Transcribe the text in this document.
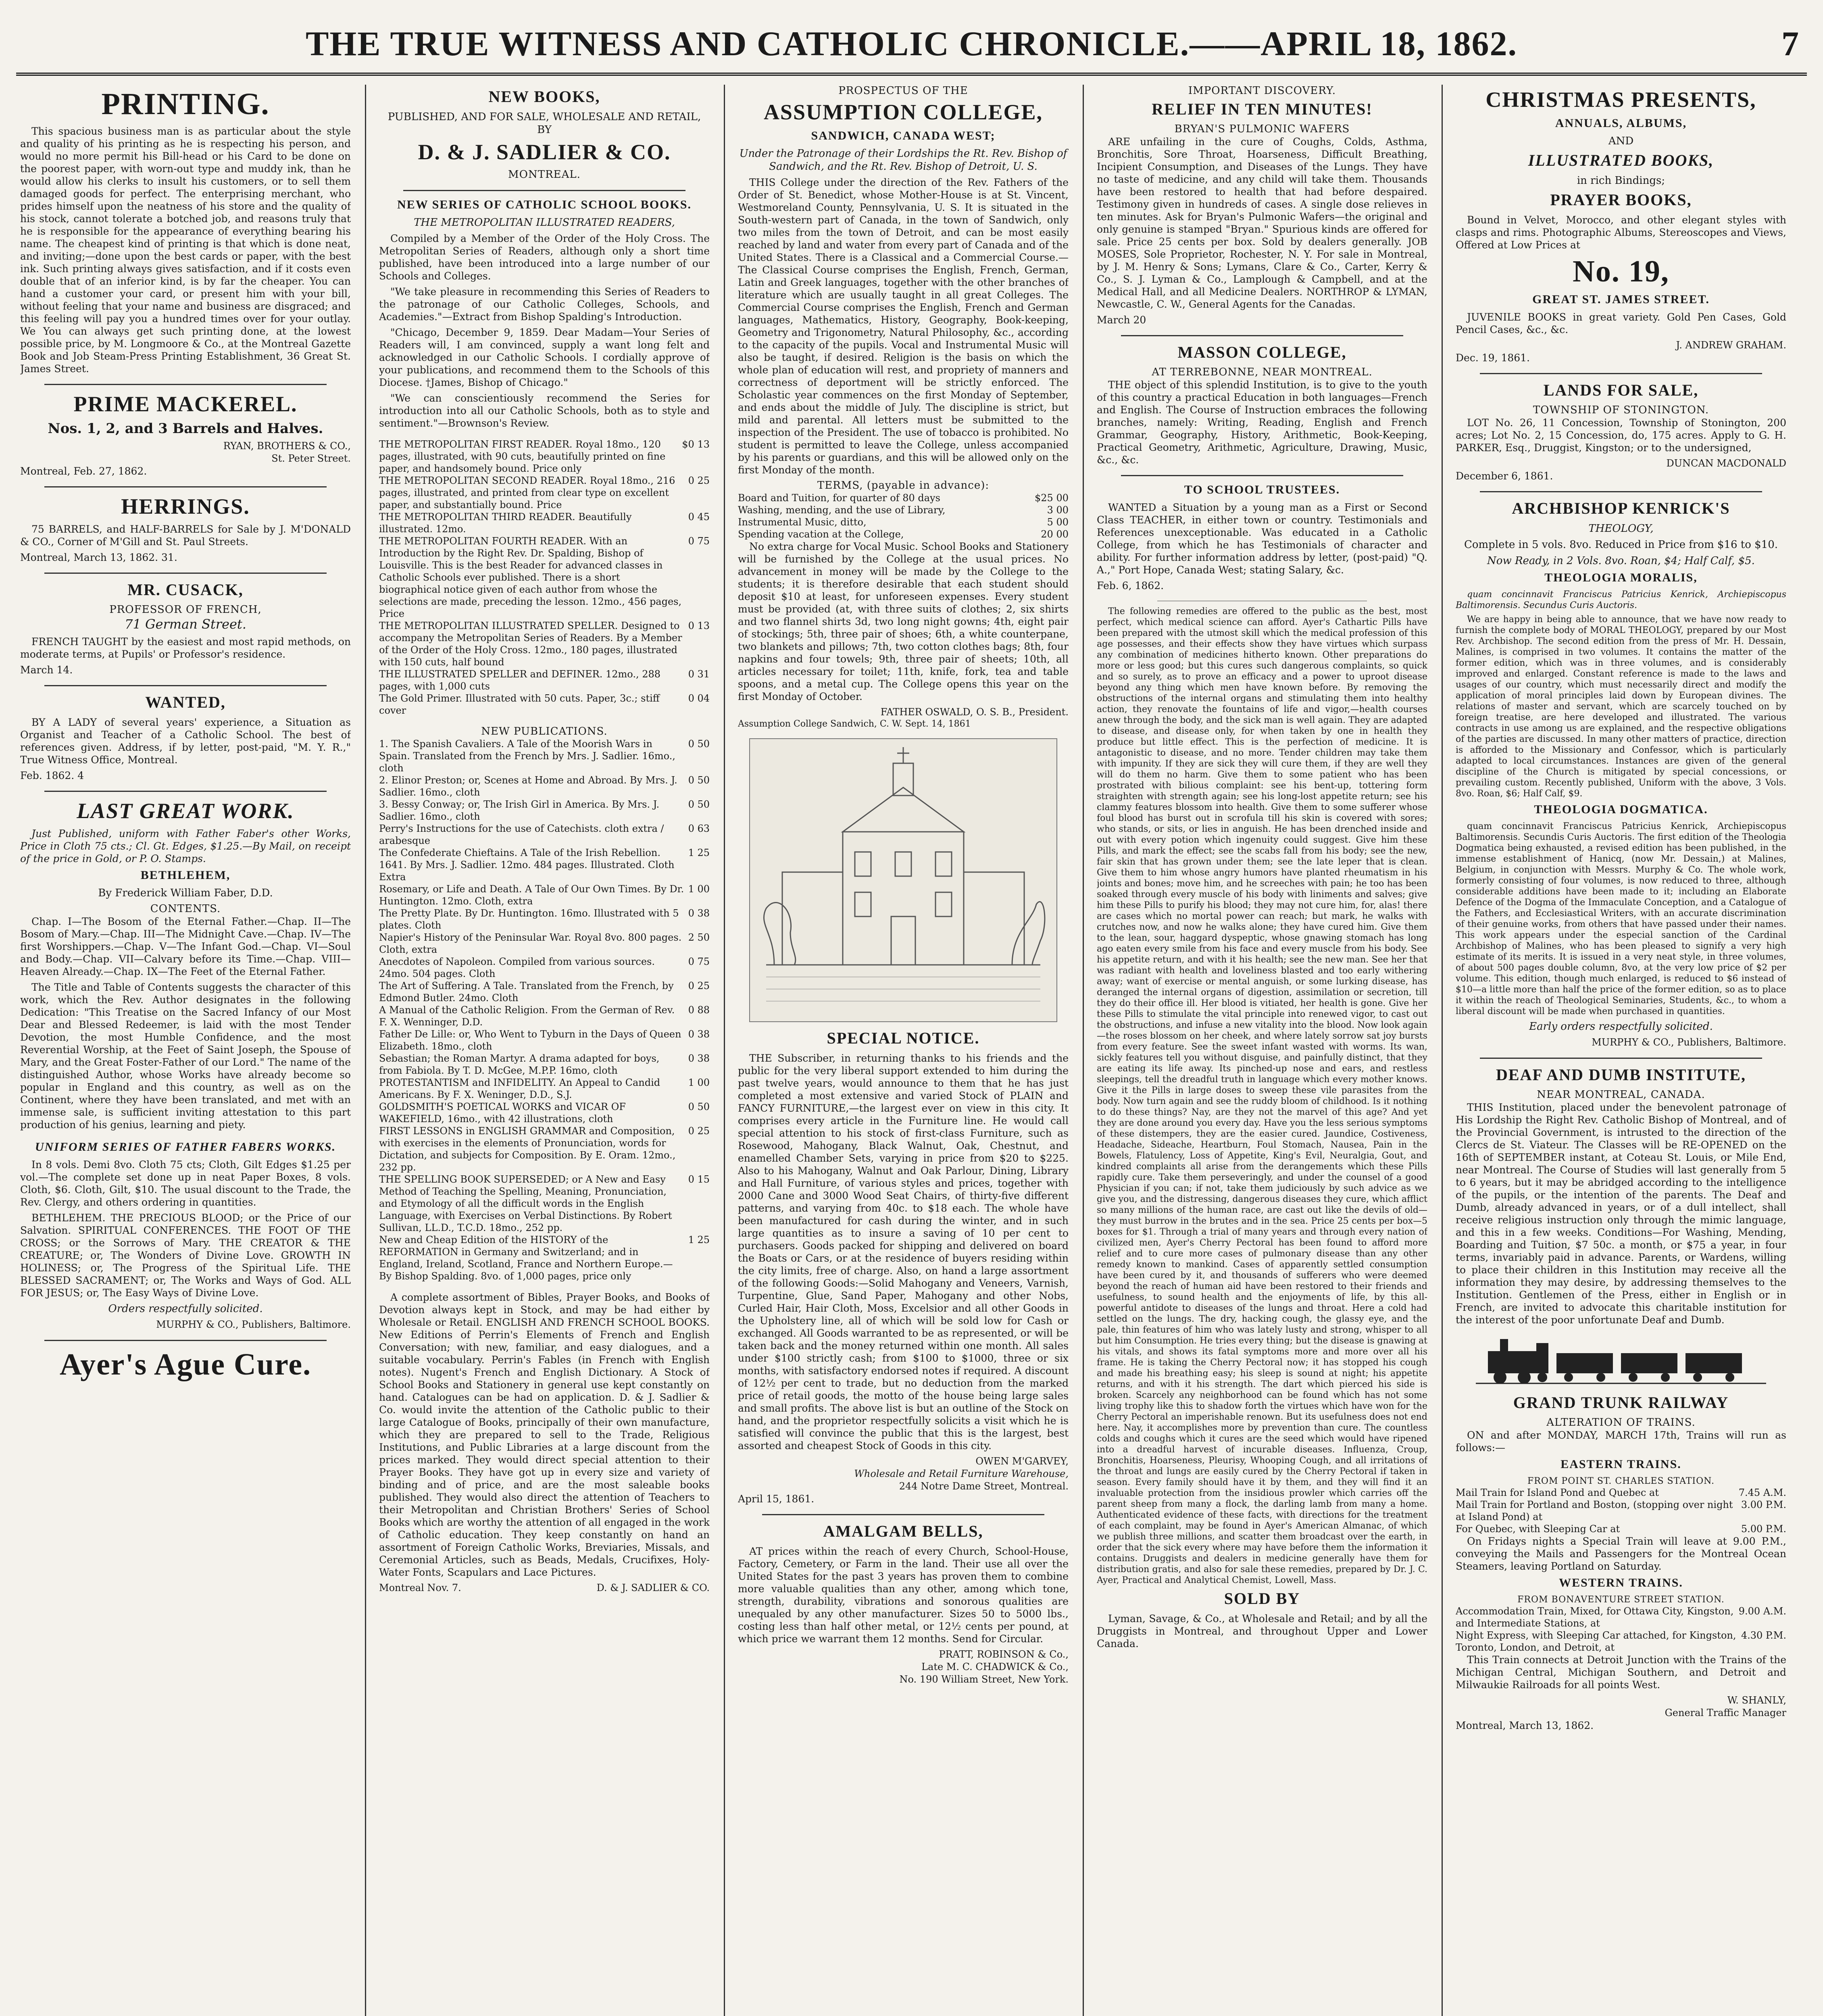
THE TRUE WITNESS AND CATHOLIC CHRONICLE.——APRIL 18, 1862.	7
PRINTING.
This spacious business man is as particular about the style and quality of his printing as he is respecting his person, and would no more permit his Bill-head or his Card to be done on the poorest paper, with worn-out type and muddy ink, than he would allow his clerks to insult his customers, or to sell them damaged goods for perfect. The enterprising merchant, who prides himself upon the neatness of his store and the quality of his stock, cannot tolerate a botched job, and reasons truly that he is responsible for the appearance of everything bearing his name. The cheapest kind of printing is that which is done neat, and inviting;—done upon the best cards or paper, with the best ink. Such printing always gives satisfaction, and if it costs even double that of an inferior kind, is by far the cheaper. You can hand a customer your card, or present him with your bill, without feeling that your name and business are disgraced; and this feeling will pay you a hundred times over for your outlay. We You can always get such printing done, at the lowest possible price, by M. Longmoore & Co., at the Montreal Gazette Book and Job Steam-Press Printing Establishment, 36 Great St. James Street.
PRIME MACKEREL.
Nos. 1, 2, and 3 Barrels and Halves.
RYAN, BROTHERS & CO.,
St. Peter Street.
Montreal, Feb. 27, 1862.
HERRINGS.
75 BARRELS, and HALF-BARRELS for Sale by J. M'DONALD & CO., Corner of M'Gill and St. Paul Streets.
Montreal, March 13, 1862. 31.
MR. CUSACK,
PROFESSOR OF FRENCH,
71 German Street.
FRENCH TAUGHT by the easiest and most rapid methods, on moderate terms, at Pupils' or Professor's residence.
March 14.
WANTED,
BY A LADY of several years' experience, a Situation as Organist and Teacher of a Catholic School. The best of references given. Address, if by letter, post-paid, "M. Y. R.," True Witness Office, Montreal.
Feb. 1862. 4
LAST GREAT WORK.
Just Published, uniform with Father Faber's other Works, Price in Cloth 75 cts.; Cl. Gt. Edges, $1.25.—By Mail, on receipt of the price in Gold, or P. O. Stamps.
BETHLEHEM,
By Frederick William Faber, D.D.
CONTENTS.
Chap. I—The Bosom of the Eternal Father.—Chap. II—The Bosom of Mary.—Chap. III—The Midnight Cave.—Chap. IV—The first Worshippers.—Chap. V—The Infant God.—Chap. VI—Soul and Body.—Chap. VII—Calvary before its Time.—Chap. VIII—Heaven Already.—Chap. IX—The Feet of the Eternal Father.
The Title and Table of Contents suggests the character of this work, which the Rev. Author designates in the following Dedication: "This Treatise on the Sacred Infancy of our Most Dear and Blessed Redeemer, is laid with the most Tender Devotion, the most Humble Confidence, and the most Reverential Worship, at the Feet of Saint Joseph, the Spouse of Mary, and the Great Foster-Father of our Lord." The name of the distinguished Author, whose Works have already become so popular in England and this country, as well as on the Continent, where they have been translated, and met with an immense sale, is sufficient inviting attestation to this part production of his genius, learning and piety.
UNIFORM SERIES OF FATHER FABERS WORKS.
In 8 vols. Demi 8vo. Cloth 75 cts; Cloth, Gilt Edges $1.25 per vol.—The complete set done up in neat Paper Boxes, 8 vols. Cloth, $6. Cloth, Gilt, $10. The usual discount to the Trade, the Rev. Clergy, and others ordering in quantities.
BETHLEHEM. THE PRECIOUS BLOOD; or the Price of our Salvation. SPIRITUAL CONFERENCES. THE FOOT OF THE CROSS; or the Sorrows of Mary. THE CREATOR & THE CREATURE; or, The Wonders of Divine Love. GROWTH IN HOLINESS; or, The Progress of the Spiritual Life. THE BLESSED SACRAMENT; or, The Works and Ways of God. ALL FOR JESUS; or, The Easy Ways of Divine Love.
Orders respectfully solicited.
MURPHY & CO., Publishers, Baltimore.
Ayer's Ague Cure.
NEW BOOKS,
PUBLISHED, AND FOR SALE, WHOLESALE AND RETAIL, BY
D. & J. SADLIER & CO.
MONTREAL.
NEW SERIES OF CATHOLIC SCHOOL BOOKS.
THE METROPOLITAN ILLUSTRATED READERS,
Compiled by a Member of the Order of the Holy Cross. The Metropolitan Series of Readers, although only a short time published, have been introduced into a large number of our Schools and Colleges.
"We take pleasure in recommending this Series of Readers to the patronage of our Catholic Colleges, Schools, and Academies."—Extract from Bishop Spalding's Introduction.
"Chicago, December 9, 1859. Dear Madam—Your Series of Readers will, I am convinced, supply a want long felt and acknowledged in our Catholic Schools. I cordially approve of your publications, and recommend them to the Schools of this Diocese. †James, Bishop of Chicago."
"We can conscientiously recommend the Series for introduction into all our Catholic Schools, both as to style and sentiment."—Brownson's Review.
THE METROPOLITAN FIRST READER. Royal 18mo., 120 pages, illustrated, with 90 cuts, beautifully printed on fine paper, and handsomely bound. Price only
$0 13
THE METROPOLITAN SECOND READER. Royal 18mo., 216 pages, illustrated, and printed from clear type on excellent paper, and substantially bound. Price
0 25
THE METROPOLITAN THIRD READER. Beautifully illustrated. 12mo.
0 45
THE METROPOLITAN FOURTH READER. With an Introduction by the Right Rev. Dr. Spalding, Bishop of Louisville. This is the best Reader for advanced classes in Catholic Schools ever published. There is a short biographical notice given of each author from whose the selections are made, preceding the lesson. 12mo., 456 pages, Price
0 75
THE METROPOLITAN ILLUSTRATED SPELLER. Designed to accompany the Metropolitan Series of Readers. By a Member of the Order of the Holy Cross. 12mo., 180 pages, illustrated with 150 cuts, half bound
0 13
THE ILLUSTRATED SPELLER and DEFINER. 12mo., 288 pages, with 1,000 cuts
0 31
The Gold Primer. Illustrated with 50 cuts. Paper, 3c.; stiff cover
0 04
NEW PUBLICATIONS.
1. The Spanish Cavaliers. A Tale of the Moorish Wars in Spain. Translated from the French by Mrs. J. Sadlier. 16mo., cloth
0 50
2. Elinor Preston; or, Scenes at Home and Abroad. By Mrs. J. Sadlier. 16mo., cloth
0 50
3. Bessy Conway; or, The Irish Girl in America. By Mrs. J. Sadlier. 16mo., cloth
0 50
Perry's Instructions for the use of Catechists. cloth extra / arabesque
0 63
The Confederate Chieftains. A Tale of the Irish Rebellion. 1641. By Mrs. J. Sadlier. 12mo. 484 pages. Illustrated. Cloth Extra
1 25
Rosemary, or Life and Death. A Tale of Our Own Times. By Dr. Huntington. 12mo. Cloth, extra
1 00
The Pretty Plate. By Dr. Huntington. 16mo. Illustrated with 5 plates. Cloth
0 38
Napier's History of the Peninsular War. Royal 8vo. 800 pages. Cloth, extra
2 50
Anecdotes of Napoleon. Compiled from various sources. 24mo. 504 pages. Cloth
0 75
The Art of Suffering. A Tale. Translated from the French, by Edmond Butler. 24mo. Cloth
0 25
A Manual of the Catholic Religion. From the German of Rev. F. X. Wenninger, D.D.
0 88
Father De Lille: or, Who Went to Tyburn in the Days of Queen Elizabeth. 18mo., cloth
0 38
Sebastian; the Roman Martyr. A drama adapted for boys, from Fabiola. By T. D. McGee, M.P.P. 16mo, cloth
0 38
PROTESTANTISM and INFIDELITY. An Appeal to Candid Americans. By F. X. Weninger, D.D., S.J.
1 00
GOLDSMITH'S POETICAL WORKS and VICAR OF WAKEFIELD, 16mo., with 42 illustrations, cloth
0 50
FIRST LESSONS in ENGLISH GRAMMAR and Composition, with exercises in the elements of Pronunciation, words for Dictation, and subjects for Composition. By E. Oram. 12mo., 232 pp.
0 25
THE SPELLING BOOK SUPERSEDED; or A New and Easy Method of Teaching the Spelling, Meaning, Pronunciation, and Etymology of all the difficult words in the English Language, with Exercises on Verbal Distinctions. By Robert Sullivan, LL.D., T.C.D. 18mo., 252 pp.
0 15
New and Cheap Edition of the HISTORY of the REFORMATION in Germany and Switzerland; and in England, Ireland, Scotland, France and Northern Europe.—By Bishop Spalding. 8vo. of 1,000 pages, price only
1 25
A complete assortment of Bibles, Prayer Books, and Books of Devotion always kept in Stock, and may be had either by Wholesale or Retail. ENGLISH AND FRENCH SCHOOL BOOKS. New Editions of Perrin's Elements of French and English Conversation; with new, familiar, and easy dialogues, and a suitable vocabulary. Perrin's Fables (in French with English notes). Nugent's French and English Dictionary. A Stock of School Books and Stationery in general use kept constantly on hand. Catalogues can be had on application. D. & J. Sadlier & Co. would invite the attention of the Catholic public to their large Catalogue of Books, principally of their own manufacture, which they are prepared to sell to the Trade, Religious Institutions, and Public Libraries at a large discount from the prices marked. They would direct special attention to their Prayer Books. They have got up in every size and variety of binding and of price, and are the most saleable books published. They would also direct the attention of Teachers to their Metropolitan and Christian Brothers' Series of School Books which are worthy the attention of all engaged in the work of Catholic education. They keep constantly on hand an assortment of Foreign Catholic Works, Breviaries, Missals, and Ceremonial Articles, such as Beads, Medals, Crucifixes, Holy-Water Fonts, Scapulars and Lace Pictures.
Montreal Nov. 7.	D. & J. SADLIER & CO.
PROSPECTUS OF THE
ASSUMPTION COLLEGE,
SANDWICH, CANADA WEST;
Under the Patronage of their Lordships the Rt. Rev. Bishop of Sandwich, and the Rt. Rev. Bishop of Detroit, U. S.
THIS College under the direction of the Rev. Fathers of the Order of St. Benedict, whose Mother-House is at St. Vincent, Westmoreland County, Pennsylvania, U. S. It is situated in the South-western part of Canada, in the town of Sandwich, only two miles from the town of Detroit, and can be most easily reached by land and water from every part of Canada and of the United States. There is a Classical and a Commercial Course.—The Classical Course comprises the English, French, German, Latin and Greek languages, together with the other branches of literature which are usually taught in all great Colleges. The Commercial Course comprises the English, French and German languages, Mathematics, History, Geography, Book-keeping, Geometry and Trigonometry, Natural Philosophy, &c., according to the capacity of the pupils. Vocal and Instrumental Music will also be taught, if desired. Religion is the basis on which the whole plan of education will rest, and propriety of manners and correctness of deportment will be strictly enforced. The Scholastic year commences on the first Monday of September, and ends about the middle of July. The discipline is strict, but mild and parental. All letters must be submitted to the inspection of the President. The use of tobacco is prohibited. No student is permitted to leave the College, unless accompanied by his parents or guardians, and this will be allowed only on the first Monday of the month.
TERMS, (payable in advance):
Board and Tuition, for quarter of 80 days	$25 00
Washing, mending, and the use of Library,	3 00
Instrumental Music, ditto,	5 00
Spending vacation at the College,	20 00
No extra charge for Vocal Music. School Books and Stationery will be furnished by the College at the usual prices. No advancement in money will be made by the College to the students; it is therefore desirable that each student should deposit $10 at least, for unforeseen expenses. Every student must be provided (at, with three suits of clothes; 2, six shirts and two flannel shirts 3d, two long night gowns; 4th, eight pair of stockings; 5th, three pair of shoes; 6th, a white counterpane, two blankets and pillows; 7th, two cotton clothes bags; 8th, four napkins and four towels; 9th, three pair of sheets; 10th, all articles necessary for toilet; 11th, knife, fork, tea and table spoons, and a metal cup. The College opens this year on the first Monday of October.
FATHER OSWALD, O. S. B., President.
Assumption College Sandwich, C. W. Sept. 14, 1861
SPECIAL NOTICE.
THE Subscriber, in returning thanks to his friends and the public for the very liberal support extended to him during the past twelve years, would announce to them that he has just completed a most extensive and varied Stock of PLAIN and FANCY FURNITURE,—the largest ever on view in this city. It comprises every article in the Furniture line. He would call special attention to his stock of first-class Furniture, such as Rosewood, Mahogany, Black Walnut, Oak, Chestnut, and enamelled Chamber Sets, varying in price from $20 to $225. Also to his Mahogany, Walnut and Oak Parlour, Dining, Library and Hall Furniture, of various styles and prices, together with 2000 Cane and 3000 Wood Seat Chairs, of thirty-five different patterns, and varying from 40c. to $18 each. The whole have been manufactured for cash during the winter, and in such large quantities as to insure a saving of 10 per cent to purchasers. Goods packed for shipping and delivered on board the Boats or Cars, or at the residence of buyers residing within the city limits, free of charge. Also, on hand a large assortment of the following Goods:—Solid Mahogany and Veneers, Varnish, Turpentine, Glue, Sand Paper, Mahogany and other Nobs, Curled Hair, Hair Cloth, Moss, Excelsior and all other Goods in the Upholstery line, all of which will be sold low for Cash or exchanged. All Goods warranted to be as represented, or will be taken back and the money returned within one month. All sales under $100 strictly cash; from $100 to $1000, three or six months, with satisfactory endorsed notes if required. A discount of 12½ per cent to trade, but no deduction from the marked price of retail goods, the motto of the house being large sales and small profits. The above list is but an outline of the Stock on hand, and the proprietor respectfully solicits a visit which he is satisfied will convince the public that this is the largest, best assorted and cheapest Stock of Goods in this city.
OWEN M'GARVEY,
Wholesale and Retail Furniture Warehouse,
244 Notre Dame Street, Montreal.
April 15, 1861.
AMALGAM BELLS,
AT prices within the reach of every Church, School-House, Factory, Cemetery, or Farm in the land. Their use all over the United States for the past 3 years has proven them to combine more valuable qualities than any other, among which tone, strength, durability, vibrations and sonorous qualities are unequaled by any other manufacturer. Sizes 50 to 5000 lbs., costing less than half other metal, or 12½ cents per pound, at which price we warrant them 12 months. Send for Circular.
PRATT, ROBINSON & Co.,
Late M. C. CHADWICK & Co.,
No. 190 William Street, New York.
IMPORTANT DISCOVERY.
RELIEF IN TEN MINUTES!
BRYAN'S PULMONIC WAFERS
ARE unfailing in the cure of Coughs, Colds, Asthma, Bronchitis, Sore Throat, Hoarseness, Difficult Breathing, Incipient Consumption, and Diseases of the Lungs. They have no taste of medicine, and any child will take them. Thousands have been restored to health that had before despaired. Testimony given in hundreds of cases. A single dose relieves in ten minutes. Ask for Bryan's Pulmonic Wafers—the original and only genuine is stamped "Bryan." Spurious kinds are offered for sale. Price 25 cents per box. Sold by dealers generally. JOB MOSES, Sole Proprietor, Rochester, N. Y. For sale in Montreal, by J. M. Henry & Sons; Lymans, Clare & Co., Carter, Kerry & Co., S. J. Lyman & Co., Lamplough & Campbell, and at the Medical Hall, and all Medicine Dealers. NORTHROP & LYMAN, Newcastle, C. W., General Agents for the Canadas.
March 20
MASSON COLLEGE,
AT TERREBONNE, NEAR MONTREAL.
THE object of this splendid Institution, is to give to the youth of this country a practical Education in both languages—French and English. The Course of Instruction embraces the following branches, namely: Writing, Reading, English and French Grammar, Geography, History, Arithmetic, Book-Keeping, Practical Geometry, Arithmetic, Agriculture, Drawing, Music, &c., &c.
TO SCHOOL TRUSTEES.
WANTED a Situation by a young man as a First or Second Class TEACHER, in either town or country. Testimonials and References unexceptionable. Was educated in a Catholic College, from which he has Testimonials of character and ability. For further information address by letter, (post-paid) "Q. A.," Port Hope, Canada West; stating Salary, &c.
Feb. 6, 1862.
The following remedies are offered to the public as the best, most perfect, which medical science can afford. Ayer's Cathartic Pills have been prepared with the utmost skill which the medical profession of this age possesses, and their effects show they have virtues which surpass any combination of medicines hitherto known. Other preparations do more or less good; but this cures such dangerous complaints, so quick and so surely, as to prove an efficacy and a power to uproot disease beyond any thing which men have known before. By removing the obstructions of the internal organs and stimulating them into healthy action, they renovate the fountains of life and vigor,—health courses anew through the body, and the sick man is well again. They are adapted to disease, and disease only, for when taken by one in health they produce but little effect. This is the perfection of medicine. It is antagonistic to disease, and no more. Tender children may take them with impunity. If they are sick they will cure them, if they are well they will do them no harm. Give them to some patient who has been prostrated with bilious complaint: see his bent-up, tottering form straighten with strength again; see his long-lost appetite return; see his clammy features blossom into health. Give them to some sufferer whose foul blood has burst out in scrofula till his skin is covered with sores; who stands, or sits, or lies in anguish. He has been drenched inside and out with every potion which ingenuity could suggest. Give him these Pills, and mark the effect; see the scabs fall from his body; see the new, fair skin that has grown under them; see the late leper that is clean. Give them to him whose angry humors have planted rheumatism in his joints and bones; move him, and he screeches with pain; he too has been soaked through every muscle of his body with liniments and salves; give him these Pills to purify his blood; they may not cure him, for, alas! there are cases which no mortal power can reach; but mark, he walks with crutches now, and now he walks alone; they have cured him. Give them to the lean, sour, haggard dyspeptic, whose gnawing stomach has long ago eaten every smile from his face and every muscle from his body. See his appetite return, and with it his health; see the new man. See her that was radiant with health and loveliness blasted and too early withering away; want of exercise or mental anguish, or some lurking disease, has deranged the internal organs of digestion, assimilation or secretion, till they do their office ill. Her blood is vitiated, her health is gone. Give her these Pills to stimulate the vital principle into renewed vigor, to cast out the obstructions, and infuse a new vitality into the blood. Now look again—the roses blossom on her cheek, and where lately sorrow sat joy bursts from every feature. See the sweet infant wasted with worms. Its wan, sickly features tell you without disguise, and painfully distinct, that they are eating its life away. Its pinched-up nose and ears, and restless sleepings, tell the dreadful truth in language which every mother knows. Give it the Pills in large doses to sweep these vile parasites from the body. Now turn again and see the ruddy bloom of childhood. Is it nothing to do these things? Nay, are they not the marvel of this age? And yet they are done around you every day. Have you the less serious symptoms of these distempers, they are the easier cured. Jaundice, Costiveness, Headache, Sideache, Heartburn, Foul Stomach, Nausea, Pain in the Bowels, Flatulency, Loss of Appetite, King's Evil, Neuralgia, Gout, and kindred complaints all arise from the derangements which these Pills rapidly cure. Take them perseveringly, and under the counsel of a good Physician if you can; if not, take them judiciously by such advice as we give you, and the distressing, dangerous diseases they cure, which afflict so many millions of the human race, are cast out like the devils of old—they must burrow in the brutes and in the sea. Price 25 cents per box—5 boxes for $1. Through a trial of many years and through every nation of civilized men, Ayer's Cherry Pectoral has been found to afford more relief and to cure more cases of pulmonary disease than any other remedy known to mankind. Cases of apparently settled consumption have been cured by it, and thousands of sufferers who were deemed beyond the reach of human aid have been restored to their friends and usefulness, to sound health and the enjoyments of life, by this all-powerful antidote to diseases of the lungs and throat. Here a cold had settled on the lungs. The dry, hacking cough, the glassy eye, and the pale, thin features of him who was lately lusty and strong, whisper to all but him Consumption. He tries every thing; but the disease is gnawing at his vitals, and shows its fatal symptoms more and more over all his frame. He is taking the Cherry Pectoral now; it has stopped his cough and made his breathing easy; his sleep is sound at night; his appetite returns, and with it his strength. The dart which pierced his side is broken. Scarcely any neighborhood can be found which has not some living trophy like this to shadow forth the virtues which have won for the Cherry Pectoral an imperishable renown. But its usefulness does not end here. Nay, it accomplishes more by prevention than cure. The countless colds and coughs which it cures are the seed which would have ripened into a dreadful harvest of incurable diseases. Influenza, Croup, Bronchitis, Hoarseness, Pleurisy, Whooping Cough, and all irritations of the throat and lungs are easily cured by the Cherry Pectoral if taken in season. Every family should have it by them, and they will find it an invaluable protection from the insidious prowler which carries off the parent sheep from many a flock, the darling lamb from many a home. Authenticated evidence of these facts, with directions for the treatment of each complaint, may be found in Ayer's American Almanac, of which we publish three millions, and scatter them broadcast over the earth, in order that the sick every where may have before them the information it contains. Druggists and dealers in medicine generally have them for distribution gratis, and also for sale these remedies, prepared by Dr. J. C. Ayer, Practical and Analytical Chemist, Lowell, Mass.
SOLD BY
Lyman, Savage, & Co., at Wholesale and Retail; and by all the Druggists in Montreal, and throughout Upper and Lower Canada.
CHRISTMAS PRESENTS,
ANNUALS, ALBUMS,
AND
ILLUSTRATED BOOKS,
in rich Bindings;
PRAYER BOOKS,
Bound in Velvet, Morocco, and other elegant styles with clasps and rims. Photographic Albums, Stereoscopes and Views, Offered at Low Prices at
No. 19,
GREAT ST. JAMES STREET.
JUVENILE BOOKS in great variety. Gold Pen Cases, Gold Pencil Cases, &c., &c.
J. ANDREW GRAHAM.
Dec. 19, 1861.
LANDS FOR SALE,
TOWNSHIP OF STONINGTON.
LOT No. 26, 11 Concession, Township of Stonington, 200 acres; Lot No. 2, 15 Concession, do, 175 acres. Apply to G. H. PARKER, Esq., Druggist, Kingston; or to the undersigned,
DUNCAN MACDONALD
December 6, 1861.
ARCHBISHOP KENRICK'S
THEOLOGY,
Complete in 5 vols. 8vo. Reduced in Price from $16 to $10.
Now Ready, in 2 Vols. 8vo. Roan, $4; Half Calf, $5.
THEOLOGIA MORALIS,
quam concinnavit Franciscus Patricius Kenrick, Archiepiscopus Baltimorensis. Secundus Curis Auctoris.
We are happy in being able to announce, that we have now ready to furnish the complete body of MORAL THEOLOGY, prepared by our Most Rev. Archbishop. The second edition from the press of Mr. H. Dessain, Malines, is comprised in two volumes. It contains the matter of the former edition, which was in three volumes, and is considerably improved and enlarged. Constant reference is made to the laws and usages of our country, which must necessarily direct and modify the application of moral principles laid down by European divines. The relations of master and servant, which are scarcely touched on by foreign treatise, are here developed and illustrated. The various contracts in use among us are explained, and the respective obligations of the parties are discussed. In many other matters of practice, direction is afforded to the Missionary and Confessor, which is particularly adapted to local circumstances. Instances are given of the general discipline of the Church is mitigated by special concessions, or prevailing custom. Recently published, Uniform with the above, 3 Vols. 8vo. Roan, $6; Half Calf, $9.
THEOLOGIA DOGMATICA.
quam concinnavit Franciscus Patricius Kenrick, Archiepiscopus Baltimorensis. Secundis Curis Auctoris. The first edition of the Theologia Dogmatica being exhausted, a revised edition has been published, in the immense establishment of Hanicq, (now Mr. Dessain,) at Malines, Belgium, in conjunction with Messrs. Murphy & Co. The whole work, formerly consisting of four volumes, is now reduced to three, although considerable additions have been made to it; including an Elaborate Defence of the Dogma of the Immaculate Conception, and a Catalogue of the Fathers, and Ecclesiastical Writers, with an accurate discrimination of their genuine works, from others that have passed under their names. This work appears under the especial sanction of the Cardinal Archbishop of Malines, who has been pleased to signify a very high estimate of its merits. It is issued in a very neat style, in three volumes, of about 500 pages double column, 8vo, at the very low price of $2 per volume. This edition, though much enlarged, is reduced to $6 instead of $10—a little more than half the price of the former edition, so as to place it within the reach of Theological Seminaries, Students, &c., to whom a liberal discount will be made when purchased in quantities.
Early orders respectfully solicited.
MURPHY & CO., Publishers, Baltimore.
DEAF AND DUMB INSTITUTE,
NEAR MONTREAL, CANADA.
THIS Institution, placed under the benevolent patronage of His Lordship the Right Rev. Catholic Bishop of Montreal, and of the Provincial Government, is intrusted to the direction of the Clercs de St. Viateur. The Classes will be RE-OPENED on the 16th of SEPTEMBER instant, at Coteau St. Louis, or Mile End, near Montreal. The Course of Studies will last generally from 5 to 6 years, but it may be abridged according to the intelligence of the pupils, or the intention of the parents. The Deaf and Dumb, already advanced in years, or of a dull intellect, shall receive religious instruction only through the mimic language, and this in a few weeks. Conditions—For Washing, Mending, Boarding and Tuition, $7 50c. a month, or $75 a year, in four terms, invariably paid in advance. Parents, or Wardens, willing to place their children in this Institution may receive all the information they may desire, by addressing themselves to the Institution. Gentlemen of the Press, either in English or in French, are invited to advocate this charitable institution for the interest of the poor unfortunate Deaf and Dumb.
GRAND TRUNK RAILWAY
ALTERATION OF TRAINS.
ON and after MONDAY, MARCH 17th, Trains will run as follows:—
EASTERN TRAINS.
FROM POINT ST. CHARLES STATION.
Mail Train for Island Pond and Quebec at	7.45 A.M.
Mail Train for Portland and Boston, (stopping over night at Island Pond) at
3.00 P.M.
For Quebec, with Sleeping Car at	5.00 P.M.
On Fridays nights a Special Train will leave at 9.00 P.M., conveying the Mails and Passengers for the Montreal Ocean Steamers, leaving Portland on Saturday.
WESTERN TRAINS.
FROM BONAVENTURE STREET STATION.
Accommodation Train, Mixed, for Ottawa City, Kingston, and Intermediate Stations, at
9.00 A.M.
Night Express, with Sleeping Car attached, for Kingston, Toronto, London, and Detroit, at
4.30 P.M.
This Train connects at Detroit Junction with the Trains of the Michigan Central, Michigan Southern, and Detroit and Milwaukie Railroads for all points West.
W. SHANLY,
General Traffic Manager
Montreal, March 13, 1862.
